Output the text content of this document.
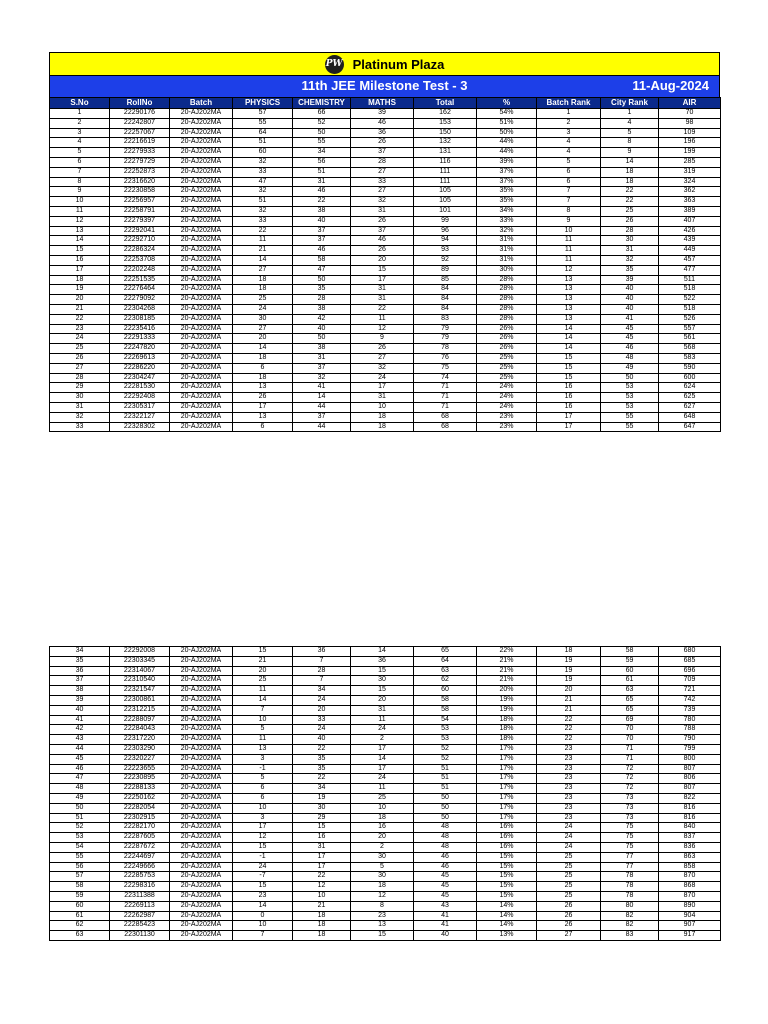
PW Platinum Plaza
11th JEE Milestone Test - 3	11-Aug-2024
S.No	RollNo	Batch	PHYSICS	CHEMISTRY	MATHS	Total	%	Batch Rank	City Rank	AIR
1	22290176	20-AJ202MA	57	66	39	162	54%	1	1	70
2	22242807	20-AJ202MA	55	52	46	153	51%	2	4	98
3	22257067	20-AJ202MA	64	50	36	150	50%	3	5	109
4	22216619	20-AJ202MA	51	55	26	132	44%	4	8	196
5	22279933	20-AJ202MA	60	34	37	131	44%	4	9	199
6	22279729	20-AJ202MA	32	56	28	116	39%	5	14	285
7	22252873	20-AJ202MA	33	51	27	111	37%	6	18	319
8	22316620	20-AJ202MA	47	31	33	111	37%	6	18	324
9	22230858	20-AJ202MA	32	46	27	105	35%	7	22	362
10	22256957	20-AJ202MA	51	22	32	105	35%	7	22	363
11	22258791	20-AJ202MA	32	38	31	101	34%	8	25	389
12	22279397	20-AJ202MA	33	40	26	99	33%	9	26	407
13	22292041	20-AJ202MA	22	37	37	96	32%	10	28	426
14	22292710	20-AJ202MA	11	37	46	94	31%	11	30	439
15	22286324	20-AJ202MA	21	46	26	93	31%	11	31	449
16	22253708	20-AJ202MA	14	58	20	92	31%	11	32	457
17	22202248	20-AJ202MA	27	47	15	89	30%	12	35	477
18	22251535	20-AJ202MA	18	50	17	85	28%	13	39	511
19	22276464	20-AJ202MA	18	35	31	84	28%	13	40	518
20	22279092	20-AJ202MA	25	28	31	84	28%	13	40	522
21	22304268	20-AJ202MA	24	38	22	84	28%	13	40	518
22	22308185	20-AJ202MA	30	42	11	83	28%	13	41	526
23	22235416	20-AJ202MA	27	40	12	79	26%	14	45	557
24	22291333	20-AJ202MA	20	50	9	79	26%	14	45	561
25	22247820	20-AJ202MA	14	38	26	78	26%	14	46	568
26	22269613	20-AJ202MA	18	31	27	76	25%	15	48	583
27	22286220	20-AJ202MA	6	37	32	75	25%	15	49	590
28	22304247	20-AJ202MA	18	32	24	74	25%	15	50	600
29	22281530	20-AJ202MA	13	41	17	71	24%	16	53	624
30	22292408	20-AJ202MA	26	14	31	71	24%	16	53	625
31	22305317	20-AJ202MA	17	44	10	71	24%	16	53	627
32	22322127	20-AJ202MA	13	37	18	68	23%	17	55	648
33	22328302	20-AJ202MA	6	44	18	68	23%	17	55	647
34	22292008	20-AJ202MA	15	36	14	65	22%	18	58	680
35	22303345	20-AJ202MA	21	7	36	64	21%	19	59	685
36	22314067	20-AJ202MA	20	28	15	63	21%	19	60	696
37	22310540	20-AJ202MA	25	7	30	62	21%	19	61	709
38	22321547	20-AJ202MA	11	34	15	60	20%	20	63	721
39	22300861	20-AJ202MA	14	24	20	58	19%	21	65	742
40	22312215	20-AJ202MA	7	20	31	58	19%	21	65	739
41	22288097	20-AJ202MA	10	33	11	54	18%	22	69	780
42	22284043	20-AJ202MA	5	24	24	53	18%	22	70	788
43	22317220	20-AJ202MA	11	40	2	53	18%	22	70	790
44	22303290	20-AJ202MA	13	22	17	52	17%	23	71	799
45	22320227	20-AJ202MA	3	35	14	52	17%	23	71	800
46	22223655	20-AJ202MA	-1	35	17	51	17%	23	72	807
47	22230895	20-AJ202MA	5	22	24	51	17%	23	72	806
48	22288133	20-AJ202MA	6	34	11	51	17%	23	72	807
49	22250162	20-AJ202MA	6	19	25	50	17%	23	73	822
50	22282054	20-AJ202MA	10	30	10	50	17%	23	73	816
51	22302915	20-AJ202MA	3	29	18	50	17%	23	73	816
52	22282170	20-AJ202MA	17	15	16	48	16%	24	75	840
53	22287605	20-AJ202MA	12	16	20	48	16%	24	75	837
54	22287672	20-AJ202MA	15	31	2	48	16%	24	75	836
55	22244697	20-AJ202MA	-1	17	30	46	15%	25	77	863
56	22249666	20-AJ202MA	24	17	5	46	15%	25	77	858
57	22285753	20-AJ202MA	-7	22	30	45	15%	25	78	870
58	22298316	20-AJ202MA	15	12	18	45	15%	25	78	868
59	22311388	20-AJ202MA	23	10	12	45	15%	25	78	870
60	22269113	20-AJ202MA	14	21	8	43	14%	26	80	890
61	22262987	20-AJ202MA	0	18	23	41	14%	26	82	904
62	22285423	20-AJ202MA	10	18	13	41	14%	26	82	907
63	22301130	20-AJ202MA	7	18	15	40	13%	27	83	917
